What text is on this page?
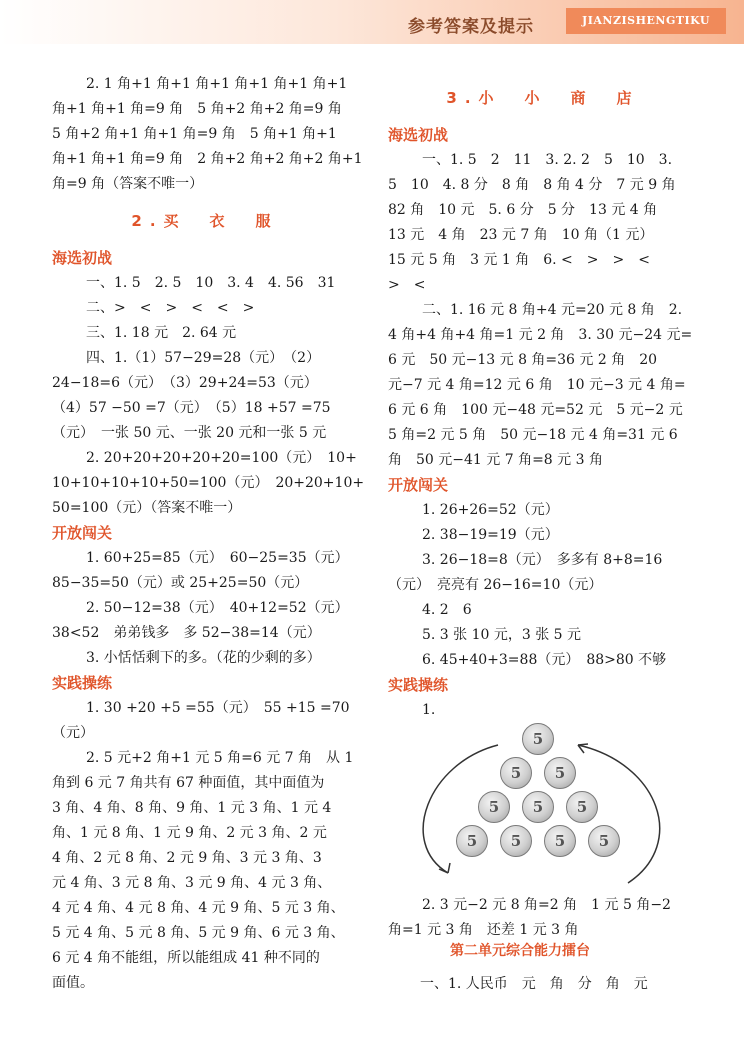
参考答案及提示	JIANZISHENGTIKU
2. 1 角+1 角+1 角+1 角+1 角+1 角+1
角+1 角+1 角=9 角　5 角+2 角+2 角=9 角
5 角+2 角+1 角+1 角=9 角　5 角+1 角+1
角+1 角+1 角=9 角　2 角+2 角+2 角+2 角+1
角=9 角（答案不唯一）
2.买　衣　服
海选初战
一、1. 5　2. 5　10　3. 4　4. 56　31
二、>　<　>　<　<　>
三、1. 18 元　2. 64 元
四、1.（1）57−29=28（元）　（2）
24−18=6（元）　（3）29+24=53（元）
（4）57 −50 =7（元）　（5）18 +57 =75
（元）　一张 50 元、一张 20 元和一张 5 元
2. 20+20+20+20+20=100（元）　10+
10+10+10+10+50=100（元）　20+20+10+
50=100（元）（答案不唯一）
开放闯关
1. 60+25=85（元）　60−25=35（元）
85−35=50（元）或 25+25=50（元）
2. 50−12=38（元）　40+12=52（元）
38<52　弟弟钱多　多 52−38=14（元）
3. 小恬恬剩下的多。（花的少剩的多）
实践操练
1. 30 +20 +5 =55（元）　55 +15 =70
（元）
2. 5 元+2 角+1 元 5 角=6 元 7 角　从 1
角到 6 元 7 角共有 67 种面值，其中面值为
3 角、4 角、8 角、9 角、1 元 3 角、1 元 4
角、1 元 8 角、1 元 9 角、2 元 3 角、2 元
4 角、2 元 8 角、2 元 9 角、3 元 3 角、3
元 4 角、3 元 8 角、3 元 9 角、4 元 3 角、
4 元 4 角、4 元 8 角、4 元 9 角、5 元 3 角、
5 元 4 角、5 元 8 角、5 元 9 角、6 元 3 角、
6 元 4 角不能组，所以能组成 41 种不同的
面值。
3.小　小　商　店
海选初战
一、1. 5　2　11　3. 2. 2　5　10　3.
5　10　4. 8 分　8 角　8 角 4 分　7 元 9 角
82 角　10 元　5. 6 分　5 分　13 元 4 角
13 元　4 角　23 元 7 角　10 角（1 元）
15 元 5 角　3 元 1 角　6. <　>　>　<
>　<
二、1. 16 元 8 角+4 元=20 元 8 角　2.
4 角+4 角+4 角=1 元 2 角　3. 30 元−24 元=
6 元　50 元−13 元 8 角=36 元 2 角　20
元−7 元 4 角=12 元 6 角　10 元−3 元 4 角=
6 元 6 角　100 元−48 元=52 元　5 元−2 元
5 角=2 元 5 角　50 元−18 元 4 角=31 元 6
角　50 元−41 元 7 角=8 元 3 角
开放闯关
1. 26+26=52（元）
2. 38−19=19（元）
3. 26−18=8（元）　多多有 8+8=16
（元）　亮亮有 26−16=10（元）
4. 2　6
5. 3 张 10 元，3 张 5 元
6. 45+40+3=88（元）　88>80 不够
实践操练
1.
5
5	5
5	5	5
5	5	5	5
2. 3 元−2 元 8 角=2 角　1 元 5 角−2
角=1 元 3 角　还差 1 元 3 角
第二单元综合能力擂台
一、1. 人民币　元　角　分　角　元
